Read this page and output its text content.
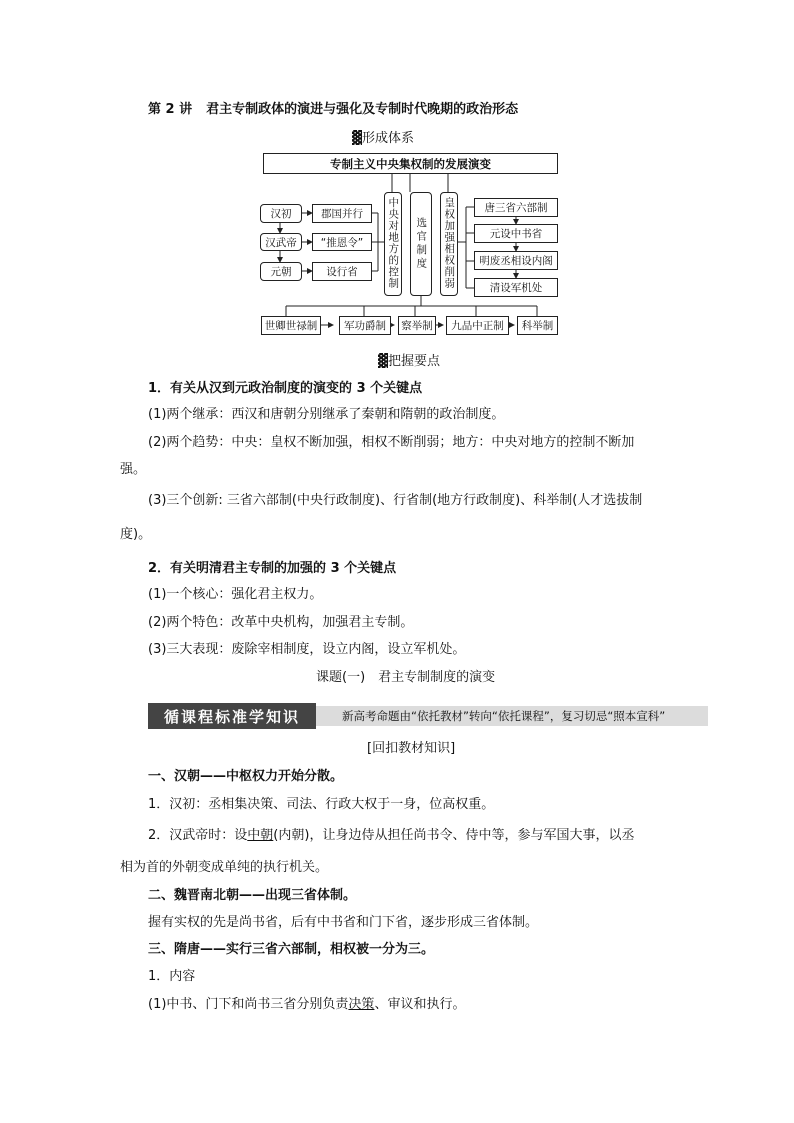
第 2 讲 君主专制政体的演进与强化及专制时代晚期的政治形态
▓形成体系
专制主义中央集权制的发展演变
汉初
汉武帝
元朝
郡国并行
“推恩令”
设行省	中央对地方的控制 选官制度 皇权加强相权削弱	唐三省六部制
元设中书省
明废丞相设内阁
清设军机处
世卿世禄制	军功爵制	察举制	九品中正制	科举制
▓把握要点
1．有关从汉到元政治制度的演变的 3 个关键点
(1)两个继承：西汉和唐朝分别继承了秦朝和隋朝的政治制度。
(2)两个趋势：中央：皇权不断加强，相权不断削弱；地方：中央对地方的控制不断加
强。
(3)三个创新: 三省六部制(中央行政制度)、行省制(地方行政制度)、科举制(人才选拔制
度)。
2．有关明清君主专制的加强的 3 个关键点
(1)一个核心：强化君主权力。
(2)两个特色：改革中央机构，加强君主专制。
(3)三大表现：废除宰相制度，设立内阁，设立军机处。
课题(一)　君主专制制度的演变
新高考命题由“依托教材”转向“依托课程”，复习切忌“照本宣科”
循课程标准学知识
[回扣教材知识]
一、汉朝——中枢权力开始分散。
1．汉初：丞相集决策、司法、行政大权于一身，位高权重。
2．汉武帝时：设中朝(内朝)，让身边侍从担任尚书令、侍中等，参与军国大事，以丞
相为首的外朝变成单纯的执行机关。
二、魏晋南北朝——出现三省体制。
握有实权的先是尚书省，后有中书省和门下省，逐步形成三省体制。
三、隋唐——实行三省六部制，相权被一分为三。
1．内容
(1)中书、门下和尚书三省分别负责决策、审议和执行。
